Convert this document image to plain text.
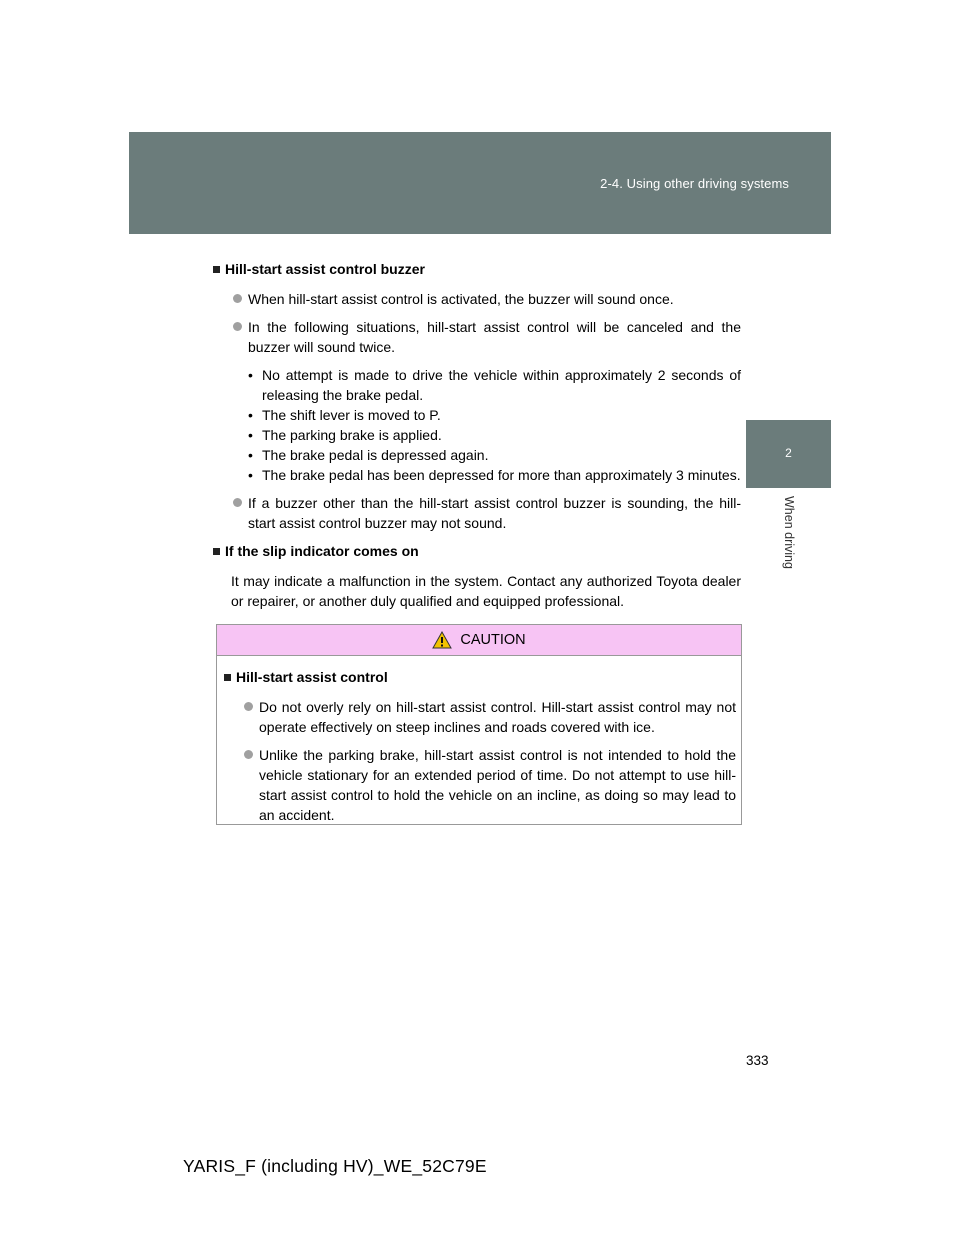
2-4. Using other driving systems
2
When driving
Hill-start assist control buzzer
When hill-start assist control is activated, the buzzer will sound once.
In the following situations, hill-start assist control will be canceled and the buzzer will sound twice.
• No attempt is made to drive the vehicle within approximately 2 seconds of releasing the brake pedal.
• The shift lever is moved to P.
• The parking brake is applied.
• The brake pedal is depressed again.
• The brake pedal has been depressed for more than approximately 3 minutes.
If a buzzer other than the hill-start assist control buzzer is sounding, the hill-start assist control buzzer may not sound.
If the slip indicator comes on

It may indicate a malfunction in the system. Contact any authorized Toyota dealer or repairer, or another duly qualified and equipped professional.

CAUTION
Hill-start assist control
Do not overly rely on hill-start assist control. Hill-start assist control may not operate effectively on steep inclines and roads covered with ice.
Unlike the parking brake, hill-start assist control is not intended to hold the vehicle stationary for an extended period of time. Do not attempt to use hill-start assist control to hold the vehicle on an incline, as doing so may lead to an accident.
333
YARIS_F (including HV)_WE_52C79E
